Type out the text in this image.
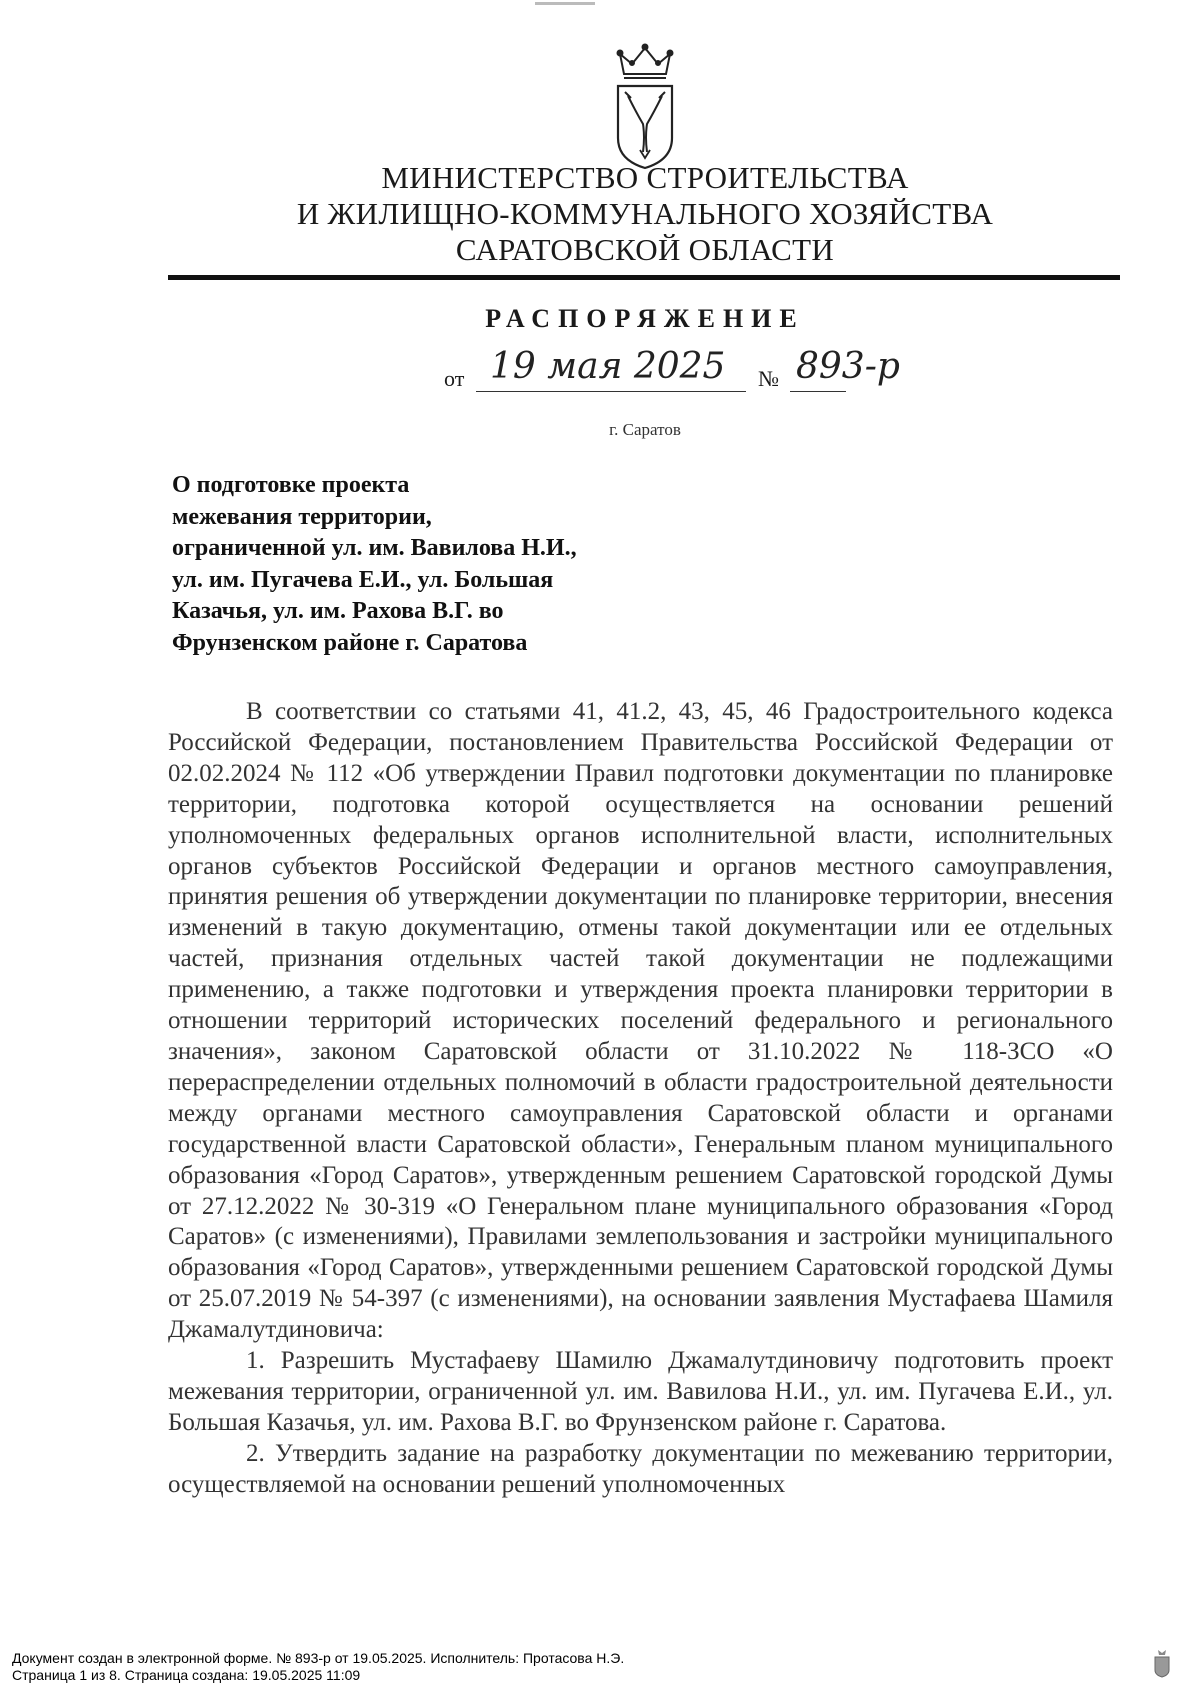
МИНИСТЕРСТВО СТРОИТЕЛЬСТВА
И ЖИЛИЩНО-КОММУНАЛЬНОГО ХОЗЯЙСТВА
САРАТОВСКОЙ ОБЛАСТИ
РАСПОРЯЖЕНИЕ
от 19 мая 2025 № 893-р
г. Саратов
О подготовке проекта
межевания территории,
ограниченной ул. им. Вавилова Н.И.,
ул. им. Пугачева Е.И., ул. Большая
Казачья, ул. им. Рахова В.Г. во
Фрунзенском районе г. Саратова

В соответствии со статьями 41, 41.2, 43, 45, 46 Градостроительного кодекса Российской Федерации, постановлением Правительства Российской Федерации от 02.02.2024 № 112 «Об утверждении Правил подготовки документации по планировке территории, подготовка которой осуществляется на основании решений уполномоченных федеральных органов исполнительной власти, исполнительных органов субъектов Российской Федерации и органов местного самоуправления, принятия решения об утверждении документации по планировке территории, внесения изменений в такую документацию, отмены такой документации или ее отдельных частей, признания отдельных частей такой документации не подлежащими применению, а также подготовки и утверждения проекта планировки территории в отношении территорий исторических поселений федерального и регионального значения», законом Саратовской области от 31.10.2022 № 118-ЗСО «О перераспределении отдельных полномочий в области градостроительной деятельности между органами местного самоуправления Саратовской области и органами государственной власти Саратовской области», Генеральным планом муниципального образования «Город Саратов», утвержденным решением Саратовской городской Думы от 27.12.2022 № 30-319 «О Генеральном плане муниципального образования «Город Саратов» (с изменениями), Правилами землепользования и застройки муниципального образования «Город Саратов», утвержденными решением Саратовской городской Думы от 25.07.2019 № 54-397 (с изменениями), на основании заявления Мустафаева Шамиля Джамалутдиновича:

1. Разрешить Мустафаеву Шамилю Джамалутдиновичу подготовить проект межевания территории, ограниченной ул. им. Вавилова Н.И., ул. им. Пугачева Е.И., ул. Большая Казачья, ул. им. Рахова В.Г. во Фрунзенском районе г. Саратова.

2. Утвердить задание на разработку документации по межеванию территории, осуществляемой на основании решений уполномоченных

Документ создан в электронной форме. № 893-р от 19.05.2025. Исполнитель: Протасова Н.Э.
Страница 1 из 8. Страница создана: 19.05.2025 11:09
